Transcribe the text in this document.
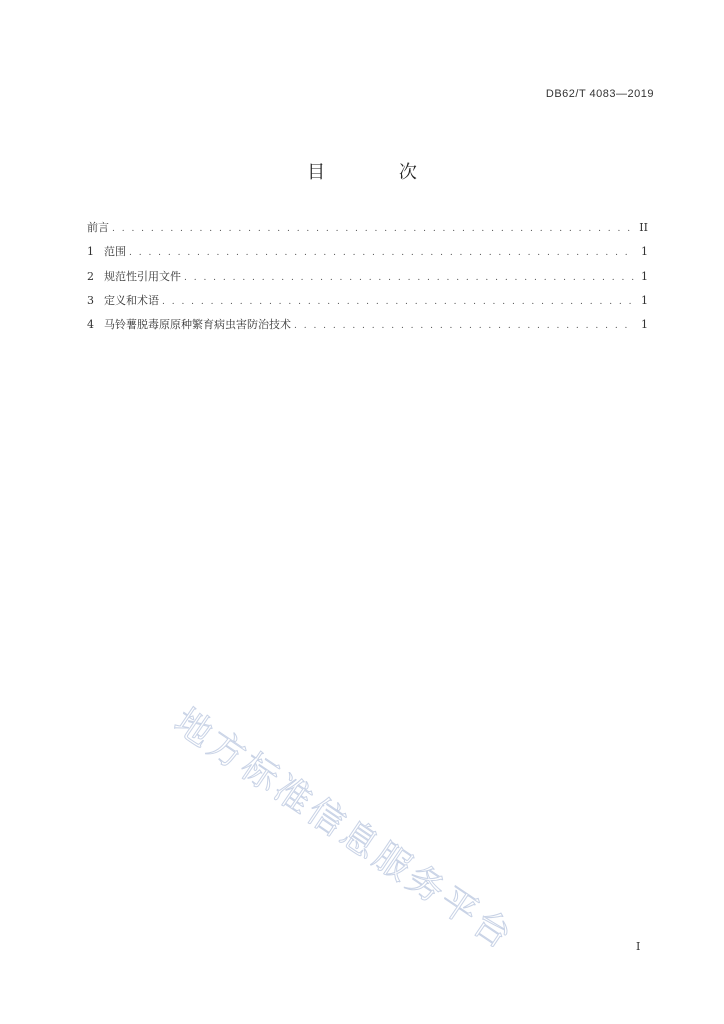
DB62/T 4083—2019
目 次
前言 . . .	II
1 范围 . . .	1
2 规范性引用文件 . . .	1
3 定义和术语 . . .	1
4 马铃薯脱毒原原种繁育病虫害防治技术 . . .	1
地方标准信息服务平台	I
